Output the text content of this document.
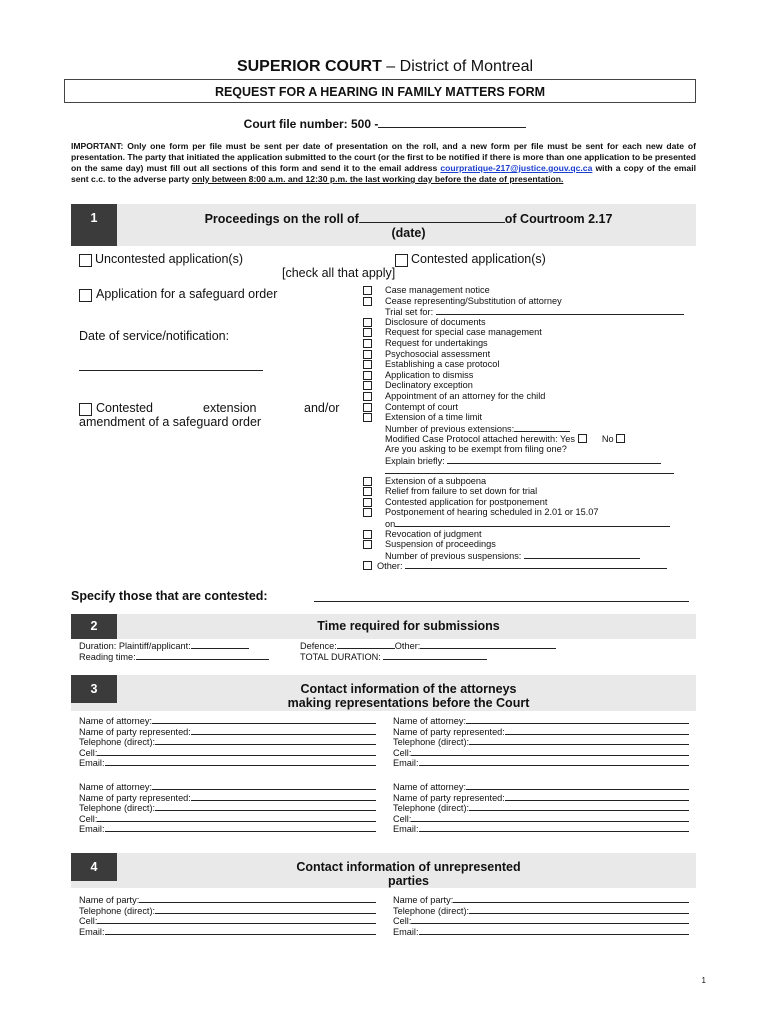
SUPERIOR COURT – District of Montreal
REQUEST FOR A HEARING IN FAMILY MATTERS FORM
Court file number: 500 -
IMPORTANT: Only one form per file must be sent per date of presentation on the roll, and a new form per file must be sent for each new date of presentation. The party that initiated the application submitted to the court (or the first to be notified if there is more than one application to be presented on the same day) must fill out all sections of this form and send it to the email address courpratique-217@justice.gouv.qc.ca with a copy of the email sent c.c. to the adverse party only between 8:00 a.m. and 12:30 p.m. the last working day before the date of presentation.
1	Proceedings on the roll of	of Courtroom 2.17
(date)
Uncontested application(s)	Contested application(s)
[check all that apply]
Application for a safeguard order
Date of service/notification:
Contested	extension	and/or
amendment of a safeguard order
Case management notice
Cease representing/Substitution of attorney
Trial set for:
Disclosure of documents
Request for special case management
Request for undertakings
Psychosocial assessment
Establishing a case protocol
Application to dismiss
Declinatory exception
Appointment of an attorney for the child
Contempt of court
Extension of a time limit
Number of previous extensions:
Modified Case Protocol attached herewith: Yes	No
Are you asking to be exempt from filing one?
Explain briefly:
Extension of a subpoena
Relief from failure to set down for trial
Contested application for postponement
Postponement of hearing scheduled in 2.01 or 15.07
on
Revocation of judgment
Suspension of proceedings
Number of previous suspensions:
Other:
Specify those that are contested:
2	Time required for submissions
Duration: Plaintiff/applicant:	Defence:	Other:
Reading time:	TOTAL DURATION:
3	Contact information of the attorneys
making representations before the Court
Name of attorney:
Name of party represented:
Telephone (direct):
Cell:
Email:
Name of attorney:
Name of party represented:
Telephone (direct):
Cell:
Email:
Name of attorney:
Name of party represented:
Telephone (direct):
Cell:
Email:
Name of attorney:
Name of party represented:
Telephone (direct):
Cell:
Email:
4	Contact information of unrepresented
parties
Name of party:
Telephone (direct):
Cell:
Email:
Name of party:
Telephone (direct):
Cell:
Email:
1
